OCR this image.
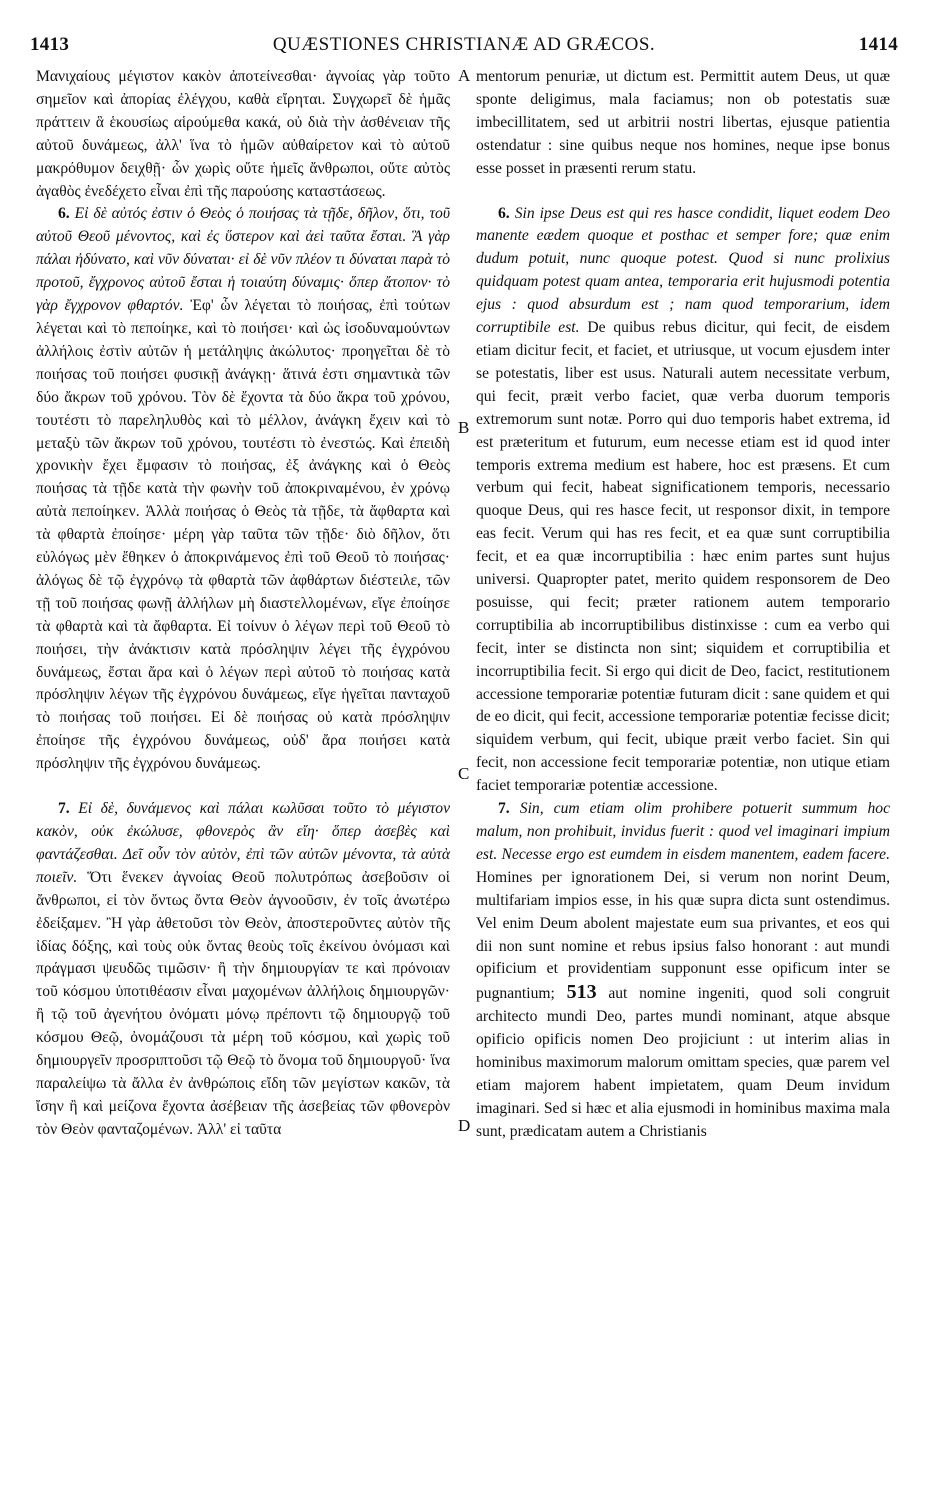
1413	QUÆSTIONES CHRISTIANÆ AD GRÆCOS.	1414

Μανιχαίους μέγιστον κακὸν ἀποτείνεσθαι· ἀγνοίας γὰρ τοῦτο σημεῖον καὶ ἀπορίας ἐλέγχου, καθὰ εἴρηται. Συγχωρεῖ δὲ ἡμᾶς πράττειν ἃ ἑκουσίως αἱρούμεθα κακά, οὐ διὰ τὴν ἀσθένειαν τῆς αὐτοῦ δυνάμεως, ἀλλ' ἵνα τὸ ἡμῶν αὐθαίρετον καὶ τὸ αὐτοῦ μακρόθυμον δειχθῇ· ὧν χωρὶς οὔτε ἡμεῖς ἄνθρωποι, οὔτε αὐτὸς ἀγαθὸς ἐνεδέχετο εἶναι ἐπὶ τῆς παρούσης καταστάσεως.

6. Εἰ δὲ αὐτός ἐστιν ὁ Θεὸς ὁ ποιήσας τὰ τῇδε, δῆλον, ὅτι, τοῦ αὐτοῦ Θεοῦ μένοντος, καὶ ἐς ὕστερον καὶ ἀεὶ ταῦτα ἔσται. Ἃ γὰρ πάλαι ἠδύνατο, καὶ νῦν δύναται· εἰ δὲ νῦν πλέον τι δύναται παρὰ τὸ προτοῦ, ἔγχρονος αὐτοῦ ἔσται ἡ τοιαύτη δύναμις· ὅπερ ἄτοπον· τὸ γὰρ ἔγχρονον φθαρτόν. Ἐφ' ὧν λέγεται τὸ ποιήσας, ἐπὶ τούτων λέγεται καὶ τὸ πεποίηκε, καὶ τὸ ποιήσει· καὶ ὡς ἰσοδυναμούντων ἀλλήλοις ἐστὶν αὐτῶν ἡ μετάληψις ἀκώλυτος· προηγεῖται δὲ τὸ ποιήσας τοῦ ποιήσει φυσικῇ ἀνάγκῃ· ἅτινά ἐστι σημαντικὰ τῶν δύο ἄκρων τοῦ χρόνου. Τὸν δὲ ἔχοντα τὰ δύο ἄκρα τοῦ χρόνου, τουτέστι τὸ παρεληλυθὸς καὶ τὸ μέλλον, ἀνάγκη ἔχειν καὶ τὸ μεταξὺ τῶν ἄκρων τοῦ χρόνου, τουτέστι τὸ ἐνεστώς. Καὶ ἐπειδὴ χρονικὴν ἔχει ἔμφασιν τὸ ποιήσας, ἐξ ἀνάγκης καὶ ὁ Θεὸς ποιήσας τὰ τῇδε κατὰ τὴν φωνὴν τοῦ ἀποκριναμένου, ἐν χρόνῳ αὐτὰ πεποίηκεν. Ἀλλὰ ποιήσας ὁ Θεὸς τὰ τῇδε, τὰ ἄφθαρτα καὶ τὰ φθαρτὰ ἐποίησε· μέρη γὰρ ταῦτα τῶν τῇδε· διὸ δῆλον, ὅτι εὐλόγως μὲν ἔθηκεν ὁ ἀποκρινάμενος ἐπὶ τοῦ Θεοῦ τὸ ποιήσας· ἀλόγως δὲ τῷ ἐγχρόνῳ τὰ φθαρτὰ τῶν ἀφθάρτων διέστειλε, τῶν τῇ τοῦ ποιήσας φωνῇ ἀλλήλων μὴ διαστελλομένων, εἴγε ἐποίησε τὰ φθαρτὰ καὶ τὰ ἄφθαρτα. Εἰ τοίνυν ὁ λέγων περὶ τοῦ Θεοῦ τὸ ποιήσει, τὴν ἀνάκτισιν κατὰ πρόσληψιν λέγει τῆς ἐγχρόνου δυνάμεως, ἔσται ἄρα καὶ ὁ λέγων περὶ αὐτοῦ τὸ ποιήσας κατὰ πρόσληψιν λέγων τῆς ἐγχρόνου δυνάμεως, εἴγε ἡγεῖται πανταχοῦ τὸ ποιήσας τοῦ ποιήσει. Εἰ δὲ ποιήσας οὐ κατὰ πρόσληψιν ἐποίησε τῆς ἐγχρόνου δυνάμεως, οὐδ' ἄρα ποιήσει κατὰ πρόσληψιν τῆς ἐγχρόνου δυνάμεως.

7. Εἰ δὲ, δυνάμενος καὶ πάλαι κωλῦσαι τοῦτο τὸ μέγιστον κακὸν, οὐκ ἐκώλυσε, φθονερὸς ἂν εἴη· ὅπερ ἀσεβὲς καὶ φαντάζεσθαι. Δεῖ οὖν τὸν αὐτὸν, ἐπὶ τῶν αὐτῶν μένοντα, τὰ αὐτὰ ποιεῖν. Ὅτι ἕνεκεν ἀγνοίας Θεοῦ πολυτρόπως ἀσεβοῦσιν οἱ ἄνθρωποι, εἰ τὸν ὄντως ὄντα Θεὸν ἀγνοοῦσιν, ἐν τοῖς ἀνωτέρω ἐδείξαμεν. Ἢ γὰρ ἀθετοῦσι τὸν Θεὸν, ἀποστεροῦντες αὐτὸν τῆς ἰδίας δόξης, καὶ τοὺς οὐκ ὄντας θεοὺς τοῖς ἐκείνου ὀνόμασι καὶ πράγμασι ψευδῶς τιμῶσιν· ἢ τὴν δημιουργίαν τε καὶ πρόνοιαν τοῦ κόσμου ὑποτιθέασιν εἶναι μαχομένων ἀλλήλοις δημιουργῶν· ἢ τῷ τοῦ ἀγενήτου ὀνόματι μόνῳ πρέποντι τῷ δημιουργῷ τοῦ κόσμου Θεῷ, ὀνομάζουσι τὰ μέρη τοῦ κόσμου, καὶ χωρὶς τοῦ δημιουργεῖν προσριπτοῦσι τῷ Θεῷ τὸ ὄνομα τοῦ δημιουργοῦ· ἵνα παραλείψω τὰ ἄλλα ἐν ἀνθρώποις εἴδη τῶν μεγίστων κακῶν, τὰ ἴσην ἢ καὶ μείζονα ἔχοντα ἀσέβειαν τῆς ἀσεβείας τῶν φθονερὸν τὸν Θεὸν φανταζομένων. Ἀλλ' εἰ ταῦτα

A
B
C
D

mentorum penuriæ, ut dictum est. Permittit autem Deus, ut quæ sponte deligimus, mala faciamus; non ob potestatis suæ imbecillitatem, sed ut arbitrii nostri libertas, ejusque patientia ostendatur : sine quibus neque nos homines, neque ipse bonus esse posset in præsenti rerum statu.

6. Sin ipse Deus est qui res hasce condidit, liquet eodem Deo manente eædem quoque et posthac et semper fore; quæ enim dudum potuit, nunc quoque potest. Quod si nunc prolixius quidquam potest quam antea, temporaria erit hujusmodi potentia ejus : quod absurdum est ; nam quod temporarium, idem corruptibile est. De quibus rebus dicitur, qui fecit, de eisdem etiam dicitur fecit, et faciet, et utriusque, ut vocum ejusdem inter se potestatis, liber est usus. Naturali autem necessitate verbum, qui fecit, præit verbo faciet, quæ verba duorum temporis extremorum sunt notæ. Porro qui duo temporis habet extrema, id est præteritum et futurum, eum necesse etiam est id quod inter temporis extrema medium est habere, hoc est præsens. Et cum verbum qui fecit, habeat significationem temporis, necessario quoque Deus, qui res hasce fecit, ut responsor dixit, in tempore eas fecit. Verum qui has res fecit, et ea quæ sunt corruptibilia fecit, et ea quæ incorruptibilia : hæc enim partes sunt hujus universi. Quapropter patet, merito quidem responsorem de Deo posuisse, qui fecit; præter rationem autem temporario corruptibilia ab incorruptibilibus distinxisse : cum ea verbo qui fecit, inter se distincta non sint; siquidem et corruptibilia et incorruptibilia fecit. Si ergo qui dicit de Deo, facict, restitutionem accessione temporariæ potentiæ futuram dicit : sane quidem et qui de eo dicit, qui fecit, accessione temporariæ potentiæ fecisse dicit; siquidem verbum, qui fecit, ubique præit verbo faciet. Sin qui fecit, non accessione fecit temporariæ potentiæ, non utique etiam faciet temporariæ potentiæ accessione.

7. Sin, cum etiam olim prohibere potuerit summum hoc malum, non prohibuit, invidus fuerit : quod vel imaginari impium est. Necesse ergo est eumdem in eisdem manentem, eadem facere. Homines per ignorationem Dei, si verum non norint Deum, multifariam impios esse, in his quæ supra dicta sunt ostendimus. Vel enim Deum abolent majestate eum sua privantes, et eos qui dii non sunt nomine et rebus ipsius falso honorant : aut mundi opificium et providentiam supponunt esse opificum inter se pugnantium; 513 aut nomine ingeniti, quod soli congruit architecto mundi Deo, partes mundi nominant, atque absque opificio opificis nomen Deo projiciunt : ut interim alias in hominibus maximorum malorum omittam species, quæ parem vel etiam majorem habent impietatem, quam Deum invidum imaginari. Sed si hæc et alia ejusmodi in hominibus maxima mala sunt, prædicatam autem a Christianis
